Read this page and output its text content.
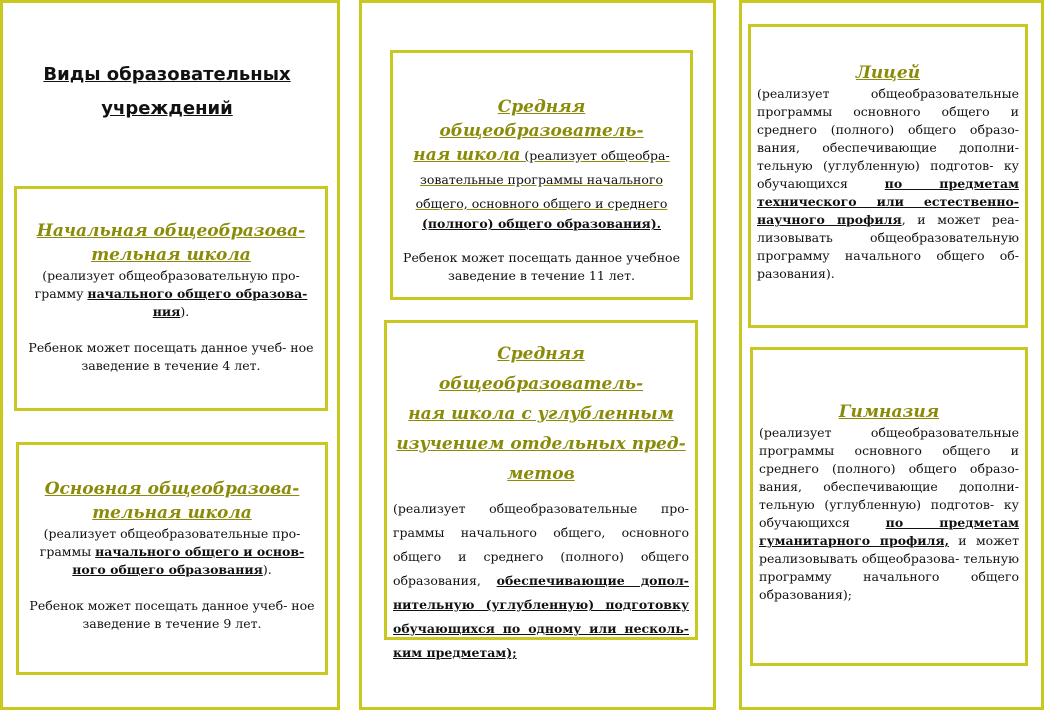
Виды образовательных
учреждений
Начальная общеобразова-
тельная школа

(реализует общеобразовательную про- грамму начального общего образова- ния).

Ребенок может посещать данное учеб- ное заведение в течение 4 лет.

Основная общеобразова-
тельная школа

(реализует общеобразовательные про- граммы начального общего и основ- ного общего образования).

Ребенок может посещать данное учеб- ное заведение в течение 9 лет.

Средняя общеобразователь-
ная школа (реализует общеобра- зовательные программы начального общего, основного общего и среднего

(полного) общего образования).

Ребенок может посещать данное учебное заведение в течение 11 лет.

Средняя общеобразователь-
ная школа с углубленным
изучением отдельных пред-
метов

(реализует общеобразовательные про- граммы начального общего, основного общего и среднего (полного) общего образования, обеспечивающие допол- нительную (углубленную) подготовку обучающихся по одному или несколь- ким предметам);

Лицей

(реализует общеобразовательные программы основного общего и среднего (полного) общего образо- вания, обеспечивающие дополни- тельную (углубленную) подготов- ку обучающихся по предметам технического или естественно- научного профиля, и может реа- лизовывать общеобразовательную программу начального общего об- разования).

Гимназия

(реализует общеобразовательные программы основного общего и среднего (полного) общего образо- вания, обеспечивающие дополни- тельную (углубленную) подготов- ку обучающихся по предметам гуманитарного профиля, и может реализовывать общеобразова- тельную программу начального общего образования);
